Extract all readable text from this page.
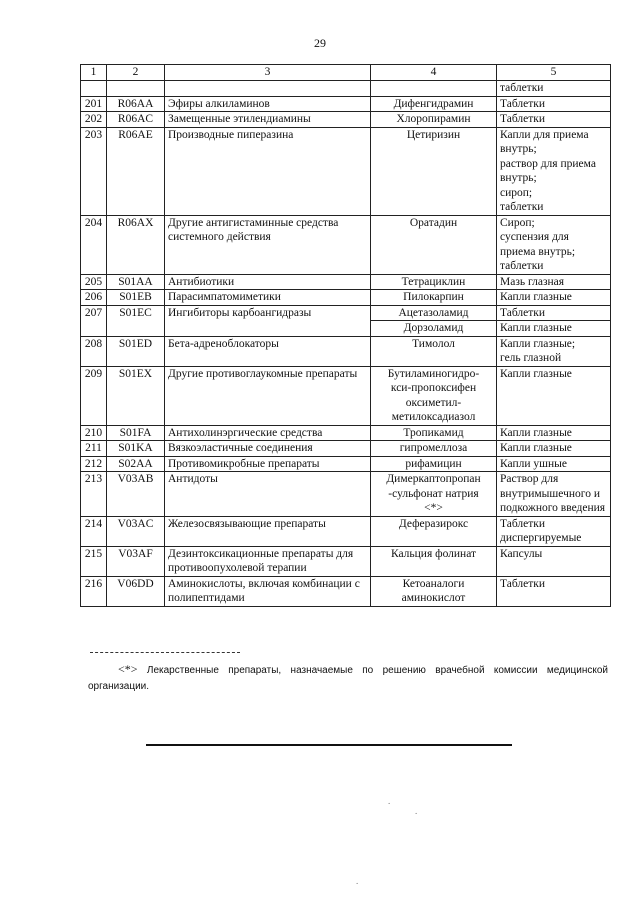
29
1	2	3	4	5
				таблетки
201	R06AA	Эфиры алкиламинов	Дифенгидрамин	Таблетки
202	R06AC	Замещенные этилендиамины	Хлоропирамин	Таблетки
203	R06AE	Производные пиперазина	Цетиризин	Капли для приема внутрь;
раствор для приема внутрь;
сироп;
таблетки
204	R06AX	Другие антигистаминные средства системного действия	Оратадин	Сироп;
суспензия для приема внутрь;
таблетки
205	S01AA	Антибиотики	Тетрациклин	Мазь глазная
206	S01EB	Парасимпатомиметики	Пилокарпин	Капли глазные
207	S01EC	Ингибиторы карбоангидразы	Ацетазоламид	Таблетки
			Дорзоламид	Капли глазные
208	S01ED	Бета-адреноблокаторы	Тимолол	Капли глазные;
гель глазной
209	S01EX	Другие противоглаукомные препараты	Бутиламиногидро-
кси-пропоксифен
оксиметил-
метилоксадиазол	Капли глазные
210	S01FA	Антихолинэргические средства	Тропикамид	Капли глазные
211	S01KA	Вязкоэластичные соединения	гипромеллоза	Капли глазные
212	S02AA	Противомикробные препараты	рифамицин	Капли ушные
213	V03AB	Антидоты	Димеркаптопропан
-сульфонат натрия
<*>	Раствор для внутримышечного и подкожного введения
214	V03AC	Железосвязывающие препараты	Деферазирокс	Таблетки диспергируемые
215	V03AF	Дезинтоксикационные препараты для противоопухолевой терапии	Кальция фолинат	Капсулы
216	V06DD	Аминокислоты, включая комбинации с полипептидами	Кетоаналоги аминокислот	Таблетки
<*> Лекарственные препараты, назначаемые по решению врачебной комиссии медицинской организации.
.
.
.
